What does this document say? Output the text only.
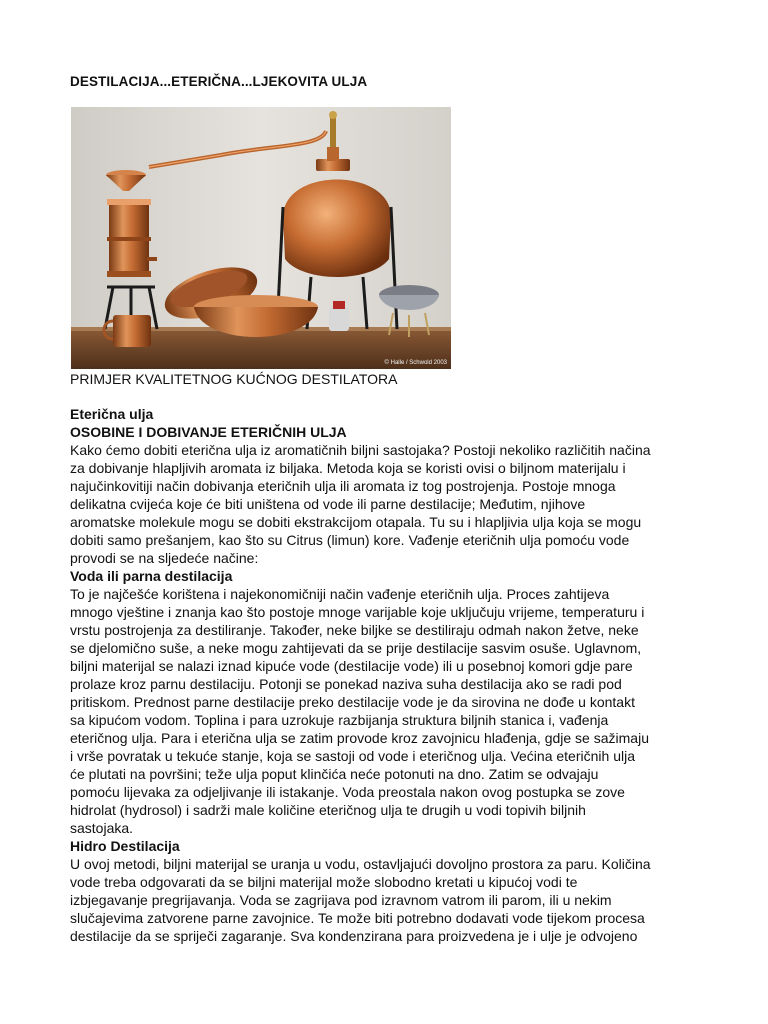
DESTILACIJA...ETERIČNA...LJEKOVITA ULJA
© Halle / Schwold 2003
PRIMJER KVALITETNOG KUĆNOG DESTILATORA
Eterična ulja
OSOBINE I DOBIVANJE ETERIČNIH ULJA
Kako ćemo dobiti eterična ulja iz aromatičnih biljni sastojaka? Postoji nekoliko različitih načina
za dobivanje hlapljivih aromata iz biljaka. Metoda koja se koristi ovisi o biljnom materijalu i
najučinkovitiji način dobivanja eteričnih ulja ili aromata iz tog postrojenja. Postoje mnoga
delikatna cvijeća koje će biti uništena od vode ili parne destilacije; Međutim, njihove
aromatske molekule mogu se dobiti ekstrakcijom otapala. Tu su i hlapljivia ulja koja se mogu
dobiti samo prešanjem, kao što su Citrus (limun) kore. Vađenje eteričnih ulja pomoću vode
provodi se na sljedeće načine:
Voda ili parna destilacija
To je najčešće korištena i najekonomičniji način vađenje eteričnih ulja. Proces zahtijeva
mnogo vještine i znanja kao što postoje mnoge varijable koje uključuju vrijeme, temperaturu i
vrstu postrojenja za destiliranje. Također, neke biljke se destiliraju odmah nakon žetve, neke
se djelomično suše, a neke mogu zahtijevati da se prije destilacije sasvim osuše. Uglavnom,
biljni materijal se nalazi iznad kipuće vode (destilacije vode) ili u posebnoj komori gdje pare
prolaze kroz parnu destilaciju. Potonji se ponekad naziva suha destilacija ako se radi pod
pritiskom. Prednost parne destilacije preko destilacije vode je da sirovina ne dođe u kontakt
sa kipućom vodom. Toplina i para uzrokuje razbijanja struktura biljnih stanica i, vađenja
eteričnog ulja. Para i eterična ulja se zatim provode kroz zavojnicu hlađenja, gdje se sažimaju
i vrše povratak u tekuće stanje, koja se sastoji od vode i eteričnog ulja. Većina eteričnih ulja
će plutati na površini; teže ulja poput klinčića neće potonuti na dno. Zatim se odvajaju
pomoću lijevaka za odjeljivanje ili istakanje. Voda preostala nakon ovog postupka se zove
hidrolat (hydrosol) i sadrži male količine eteričnog ulja te drugih u vodi topivih biljnih
sastojaka.
Hidro Destilacija
U ovoj metodi, biljni materijal se uranja u vodu, ostavljajući dovoljno prostora za paru. Količina
vode treba odgovarati da se biljni materijal može slobodno kretati u kipućoj vodi te
izbjegavanje pregrijavanja. Voda se zagrijava pod izravnom vatrom ili parom, ili u nekim
slučajevima zatvorene parne zavojnice. Te može biti potrebno dodavati vode tijekom procesa
destilacije da se spriječi zagaranje. Sva kondenzirana para proizvedena je i ulje je odvojeno
